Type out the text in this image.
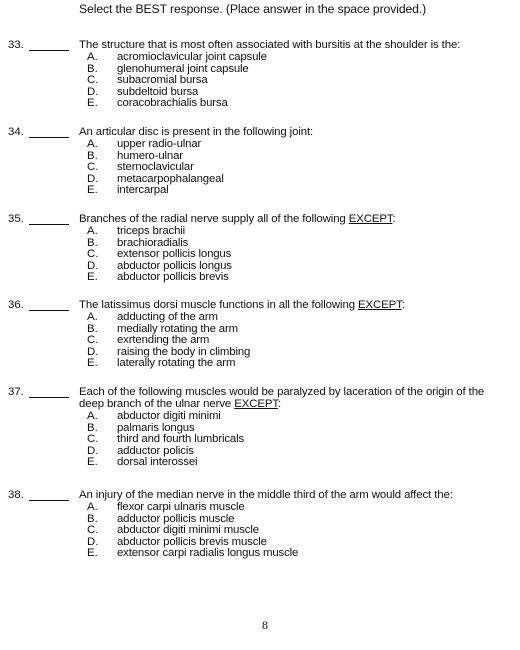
Select the BEST response. (Place answer in the space provided.)
33.	The structure that is most often associated with bursitis at the shoulder is the:
A. acromioclavicular joint capsule
B. glenohumeral joint capsule
C. subacromial bursa
D. subdeltoid bursa
E. coracobrachialis bursa
34.	An articular disc is present in the following joint:
A. upper radio-ulnar
B. humero-ulnar
C. sternoclavicular
D. metacarpophalangeal
E. intercarpal
35.	Branches of the radial nerve supply all of the following EXCEPT:
A. triceps brachii
B. brachioradialis
C. extensor pollicis longus
D. abductor pollicis longus
E. abductor pollicis brevis
36.	The latissimus dorsi muscle functions in all the following EXCEPT:
A. adducting of the arm
B. medially rotating the arm
C. exrtending the arm
D. raising the body in climbing
E. laterally rotating the arm
37.	Each of the following muscles would be paralyzed by laceration of the origin of the deep branch of the ulnar nerve EXCEPT:
A. abductor digiti minimi
B. palmaris longus
C. third and fourth lumbricals
D. adductor policis
E. dorsal interossei
38.	An injury of the median nerve in the middle third of the arm would affect the:
A. flexor carpi ulnaris muscle
B. adductor pollicis muscle
C. abductor digiti minimi muscle
D. abductor pollicis brevis muscle
E. extensor carpi radialis longus muscle
8
